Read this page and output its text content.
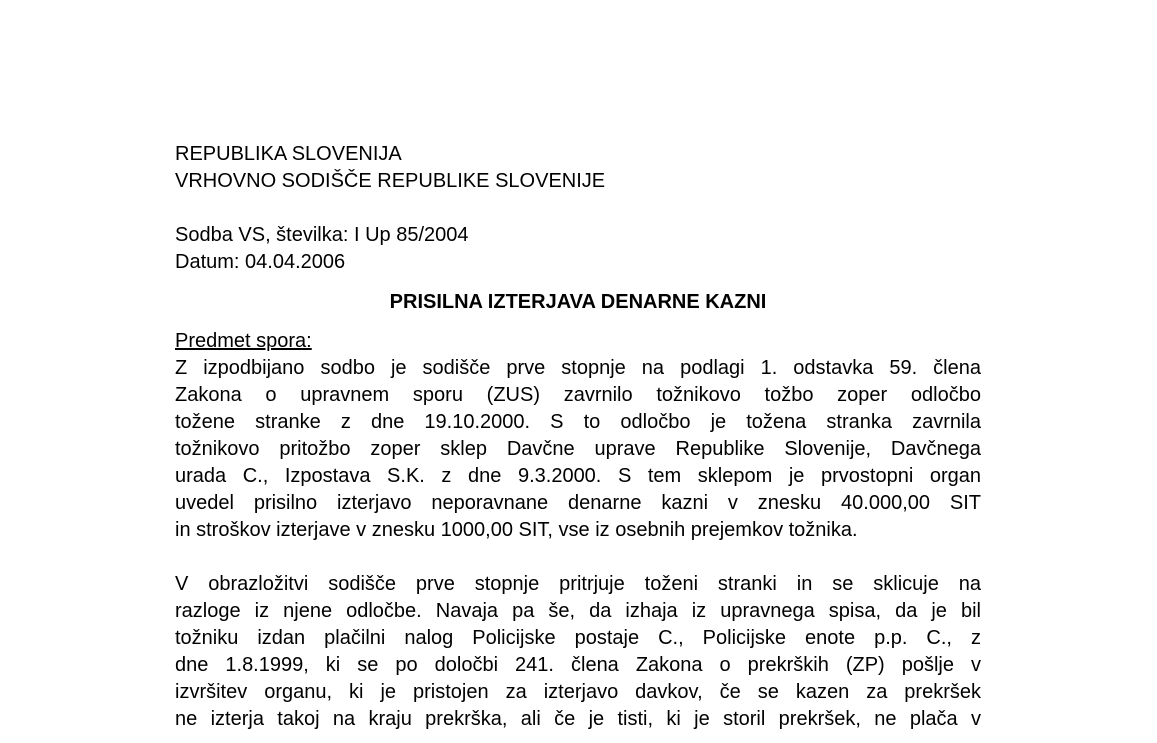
REPUBLIKA SLOVENIJA
VRHOVNO SODIŠČE REPUBLIKE SLOVENIJE
Sodba VS, številka: I Up 85/2004
Datum: 04.04.2006
PRISILNA IZTERJAVA DENARNE KAZNI
Predmet spora:
Z izpodbijano sodbo je sodišče prve stopnje na podlagi 1. odstavka 59. člena
Zakona o upravnem sporu (ZUS) zavrnilo tožnikovo tožbo zoper odločbo
tožene stranke z dne 19.10.2000. S to odločbo je tožena stranka zavrnila
tožnikovo pritožbo zoper sklep Davčne uprave Republike Slovenije, Davčnega
urada C., Izpostava S.K. z dne 9.3.2000. S tem sklepom je prvostopni organ
uvedel prisilno izterjavo neporavnane denarne kazni v znesku 40.000,00 SIT
in stroškov izterjave v znesku 1000,00 SIT, vse iz osebnih prejemkov tožnika.
V obrazložitvi sodišče prve stopnje pritrjuje toženi stranki in se sklicuje na
razloge iz njene odločbe. Navaja pa še, da izhaja iz upravnega spisa, da je bil
tožniku izdan plačilni nalog Policijske postaje C., Policijske enote p.p. C., z
dne 1.8.1999, ki se po določbi 241. člena Zakona o prekrških (ZP) pošlje v
izvršitev organu, ki je pristojen za izterjavo davkov, če se kazen za prekršek
ne izterja takoj na kraju prekrška, ali če je tisti, ki je storil prekršek, ne plača v
